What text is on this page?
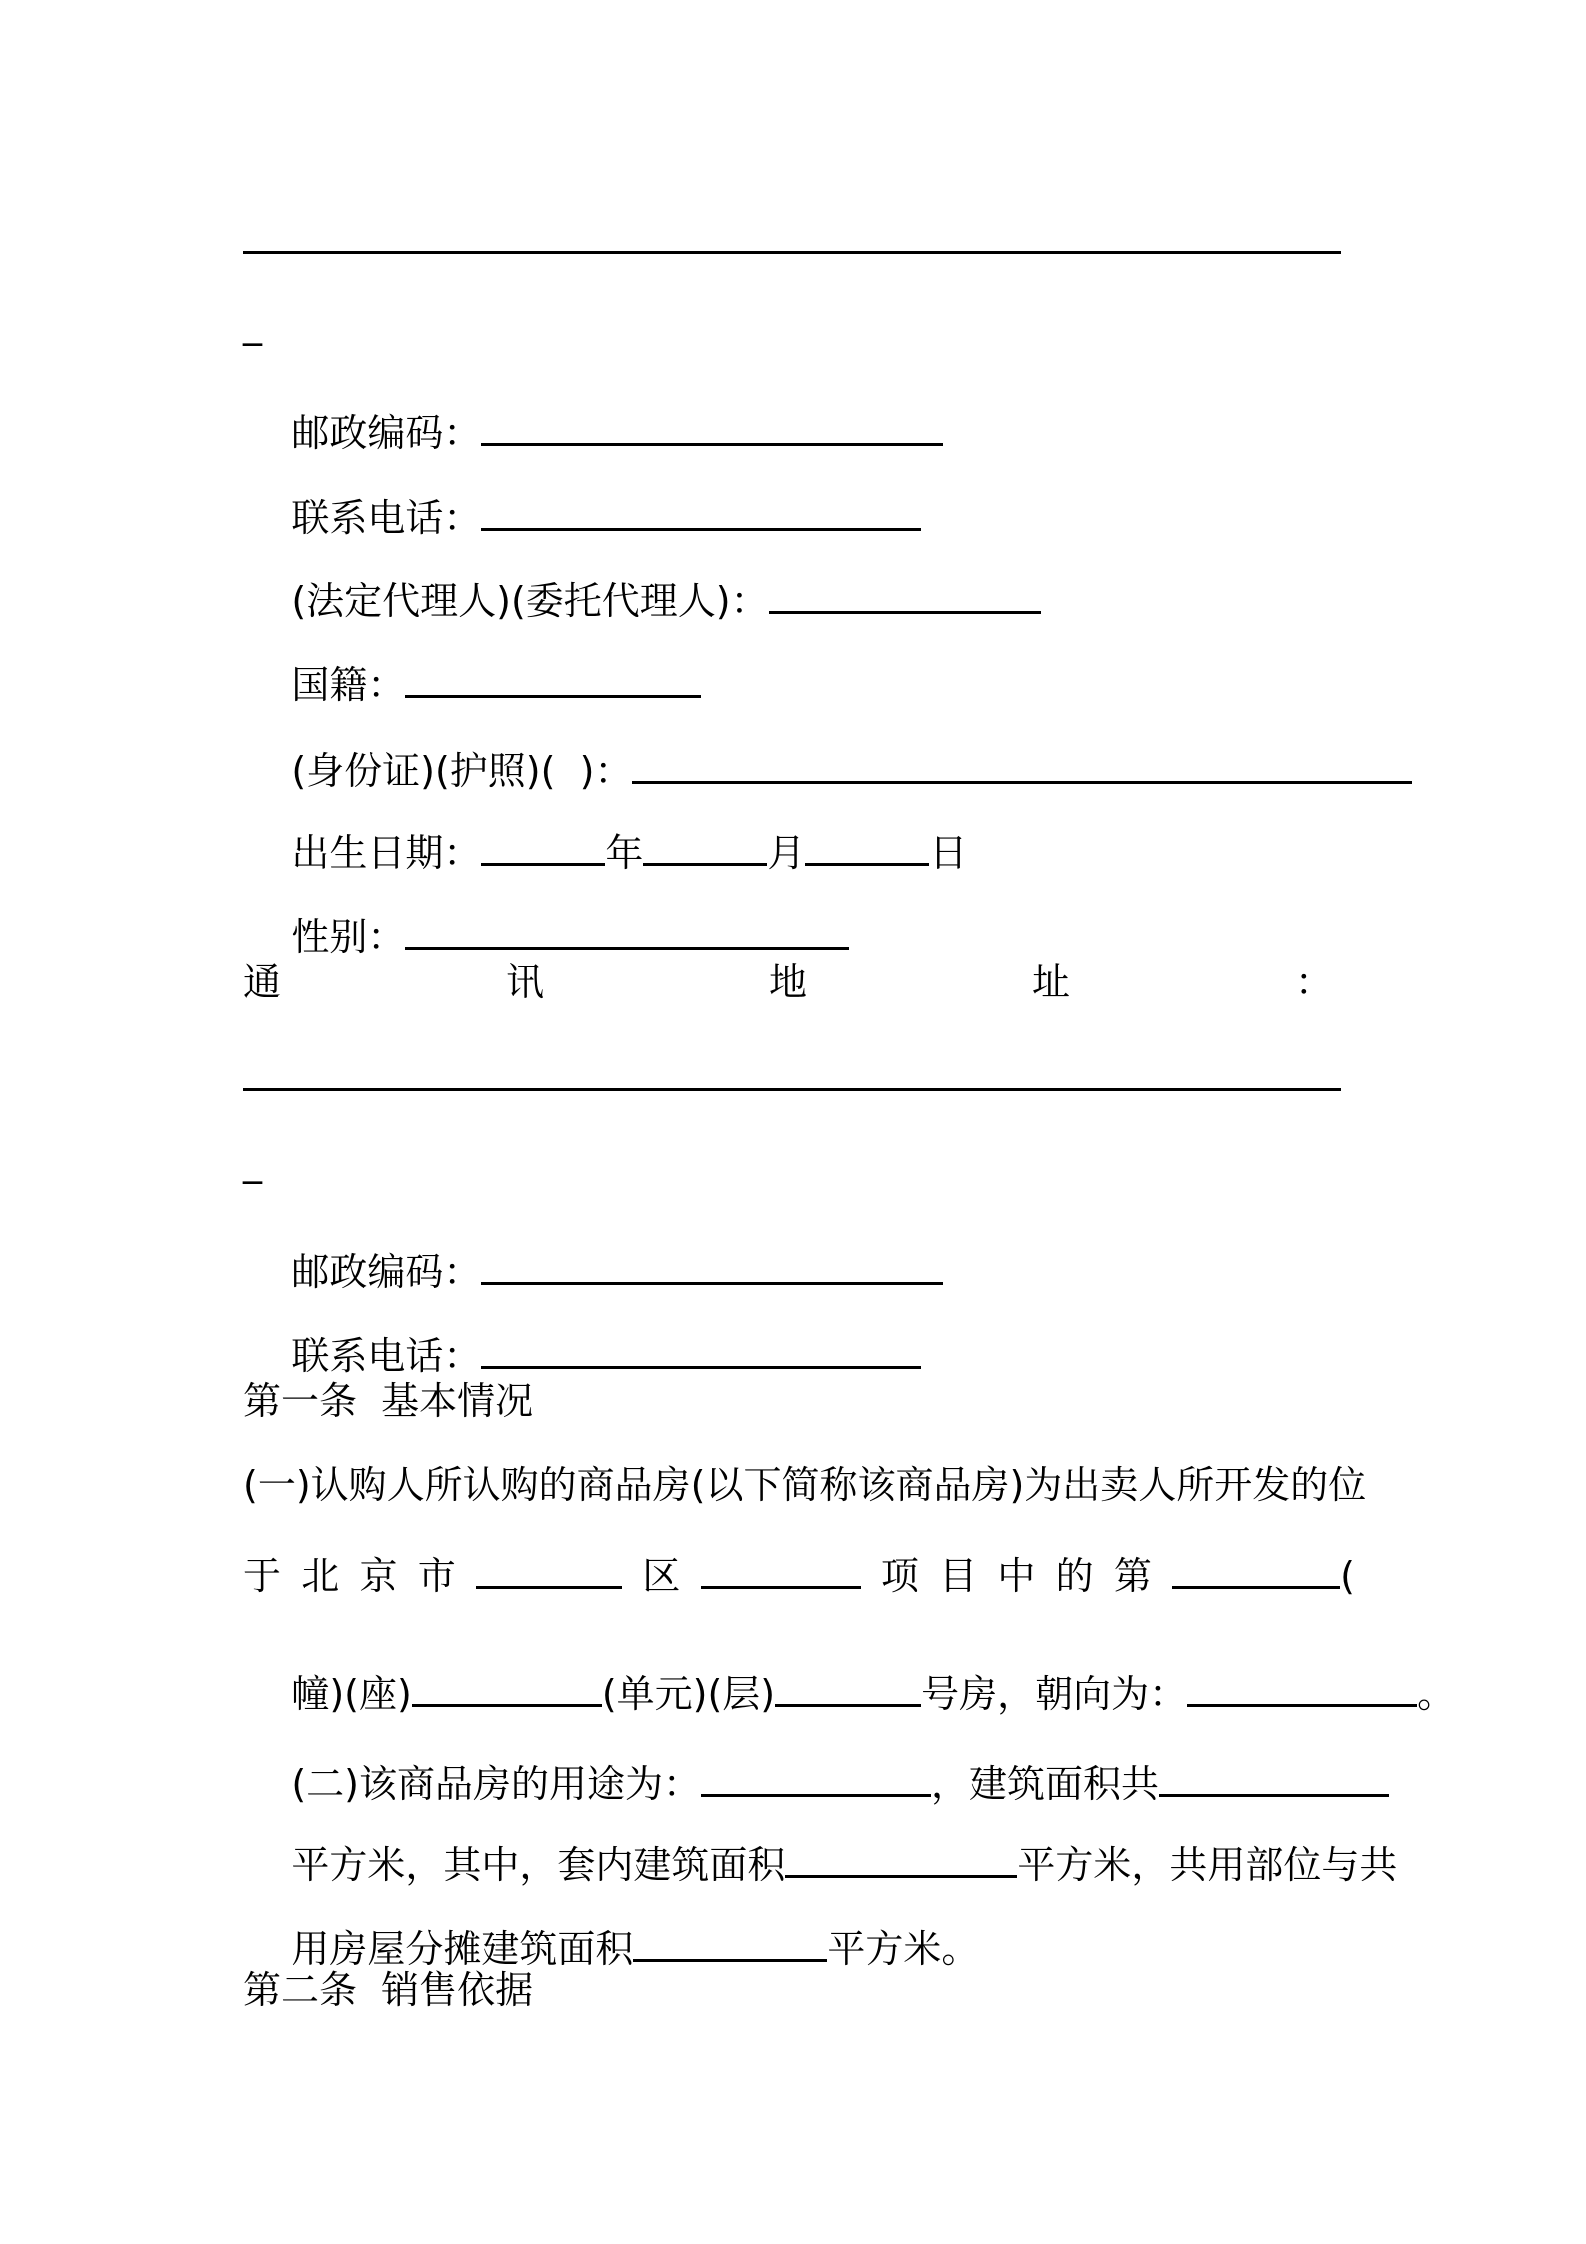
_

邮政编码：

联系电话：

(法定代理人)(委托代理人)：

国籍：

(身份证)(护照)(  )：

出生日期：	年	月	日

性别：

通	讯	地	址	：
_

邮政编码：

联系电话：

第一条  基本情况
(一)认购人所认购的商品房(以下简称该商品房)为出卖人所开发的位
于 北 京 市	区	项 目 中 的 第	(

幢)(座)	(单元)(层)	号房，朝向为：	。

(二)该商品房的用途为：	，建筑面积共

平方米，其中，套内建筑面积	平方米，共用部位与共

用房屋分摊建筑面积	平方米。

第二条  销售依据
